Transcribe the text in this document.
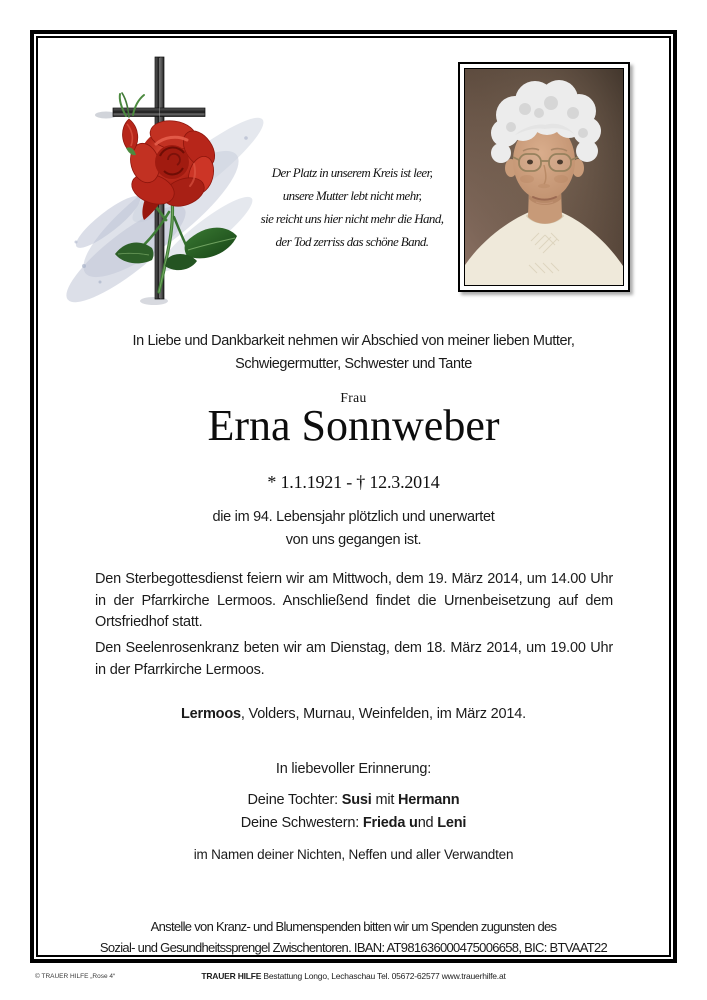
Der Platz in unserem Kreis ist leer,
unsere Mutter lebt nicht mehr,
sie reicht uns hier nicht mehr die Hand,
der Tod zerriss das schöne Band.
In Liebe und Dankbarkeit nehmen wir Abschied von meiner lieben Mutter,
Schwiegermutter, Schwester und Tante
Frau
Erna Sonnweber
* 1.1.1921 - † 12.3.2014
die im 94. Lebensjahr plötzlich und unerwartet
von uns gegangen ist.

Den Sterbegottesdienst feiern wir am Mittwoch, dem 19. März 2014, um 14.00 Uhr in der Pfarrkirche Lermoos. Anschließend findet die Urnenbeisetzung auf dem Ortsfriedhof statt.

Den Seelenrosenkranz beten wir am Dienstag, dem 18. März 2014, um 19.00 Uhr in der Pfarrkirche Lermoos.

Lermoos, Volders, Murnau, Weinfelden, im März 2014.
In liebevoller Erinnerung:
Deine Tochter: Susi mit Hermann
Deine Schwestern: Frieda und Leni
im Namen deiner Nichten, Neffen und aller Verwandten
Anstelle von Kranz- und Blumenspenden bitten wir um Spenden zugunsten des
Sozial- und Gesundheitssprengel Zwischentoren. IBAN: AT981636000475006658, BIC: BTVAAT22
© TRAUER HILFE „Rose 4“	TRAUER HILFE Bestattung Longo, Lechaschau Tel. 05672-62577 www.trauerhilfe.at
